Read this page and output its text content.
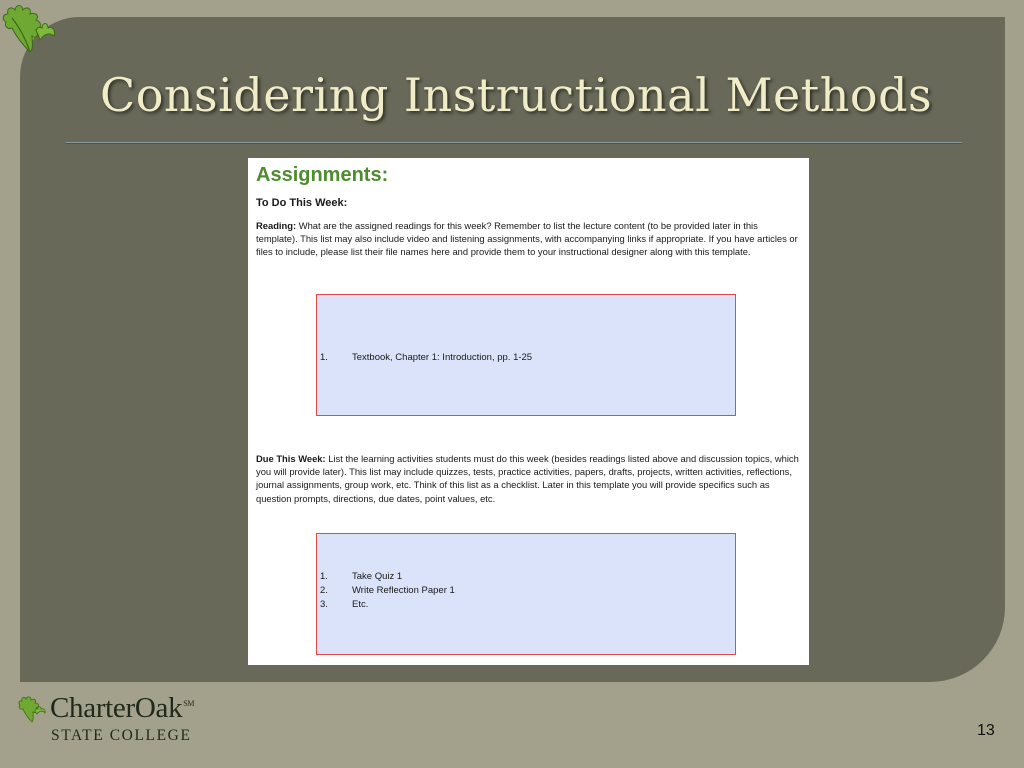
Considering Instructional Methods
Assignments:
To Do This Week:
Reading: What are the assigned readings for this week? Remember to list the lecture content (to be provided later in this template). This list may also include video and listening assignments, with accompanying links if appropriate. If you have articles or files to include, please list their file names here and provide them to your instructional designer along with this template.
1.	Textbook, Chapter 1: Introduction, pp. 1-25
Due This Week: List the learning activities students must do this week (besides readings listed above and discussion topics, which you will provide later). This list may include quizzes, tests, practice activities, papers, drafts, projects, written activities, reflections, journal assignments, group work, etc. Think of this list as a checklist. Later in this template you will provide specifics such as question prompts, directions, due dates, point values, etc.
1.	Take Quiz 1
2.	Write Reflection Paper 1
3.	Etc.
CharterOak℠
STATE COLLEGE	13
